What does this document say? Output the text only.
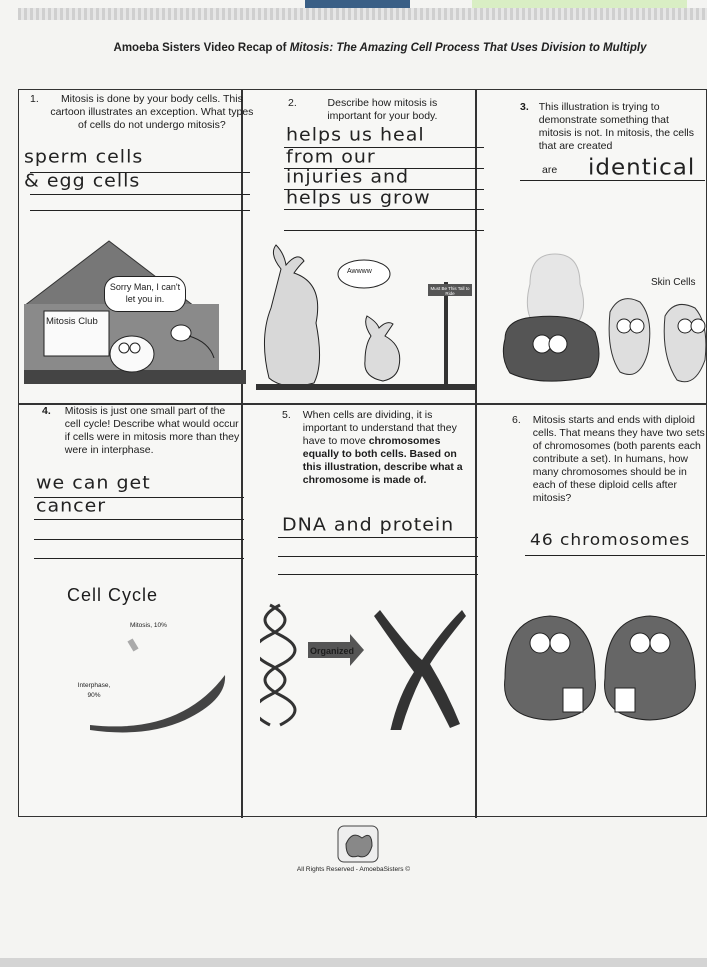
Amoeba Sisters Video Recap of Mitosis: The Amazing Cell Process That Uses Division to Multiply
1.	Mitosis is done by your body cells. This cartoon illustrates an exception. What types of cells do not undergo mitosis?
sperm cells
& egg cells
Sorry Man, I can't let you in.
Mitosis Club
2.	Describe how mitosis is important for your body.
helps us heal
from our
injuries and
helps us grow
Awwww
Must Be This Tall to Ride
3. This illustration is trying to demonstrate something that mitosis is not. In mitosis, the cells that are created
are identical
Skin Cells
4. Mitosis is just one small part of the cell cycle! Describe what would occur if cells were in mitosis more than they were in interphase.
we can get
cancer
Cell Cycle
Mitosis, 10%
Interphase, 90%
5. When cells are dividing, it is important to understand that they have to move chromosomes equally to both cells. Based on this illustration, describe what a chromosome is made of.
DNA and protein
Organized
6. Mitosis starts and ends with diploid cells. That means they have two sets of chromosomes (both parents each contribute a set). In humans, how many chromosomes should be in each of these diploid cells after mitosis?
46 chromosomes
All Rights Reserved - AmoebaSisters ©
